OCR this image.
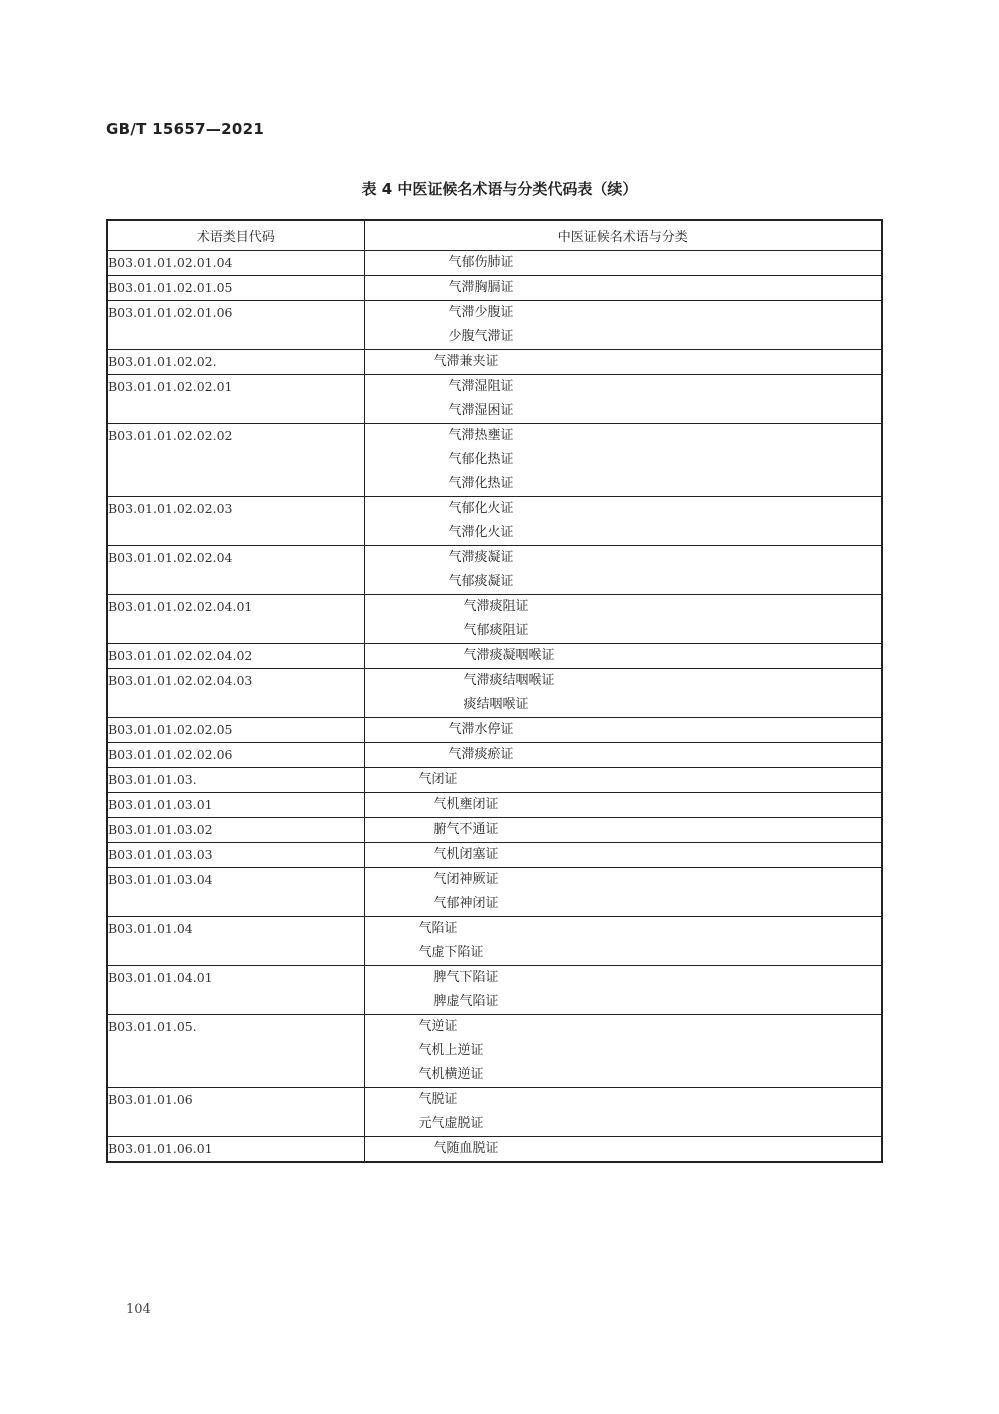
GB/T 15657—2021
表 4 中医证候名术语与分类代码表（续）
术语类目代码	中医证候名术语与分类
B03.01.01.02.01.04	气郁伤肺证

B03.01.01.02.01.05	气滞胸膈证

B03.01.01.02.01.06	气滞少腹证
少腹气滞证

B03.01.01.02.02.	气滞兼夹证

B03.01.01.02.02.01	气滞湿阻证
气滞湿困证

B03.01.01.02.02.02	气滞热壅证
气郁化热证
气滞化热证

B03.01.01.02.02.03	气郁化火证
气滞化火证

B03.01.01.02.02.04	气滞痰凝证
气郁痰凝证

B03.01.01.02.02.04.01	气滞痰阻证
气郁痰阻证

B03.01.01.02.02.04.02	气滞痰凝咽喉证

B03.01.01.02.02.04.03	气滞痰结咽喉证
痰结咽喉证

B03.01.01.02.02.05	气滞水停证

B03.01.01.02.02.06	气滞痰瘀证

B03.01.01.03.	气闭证

B03.01.01.03.01	气机壅闭证

B03.01.01.03.02	腑气不通证

B03.01.01.03.03	气机闭塞证

B03.01.01.03.04	气闭神厥证
气郁神闭证

B03.01.01.04	气陷证
气虚下陷证

B03.01.01.04.01	脾气下陷证
脾虚气陷证

B03.01.01.05.	气逆证
气机上逆证
气机横逆证

B03.01.01.06	气脱证
元气虚脱证

B03.01.01.06.01	气随血脱证
104
